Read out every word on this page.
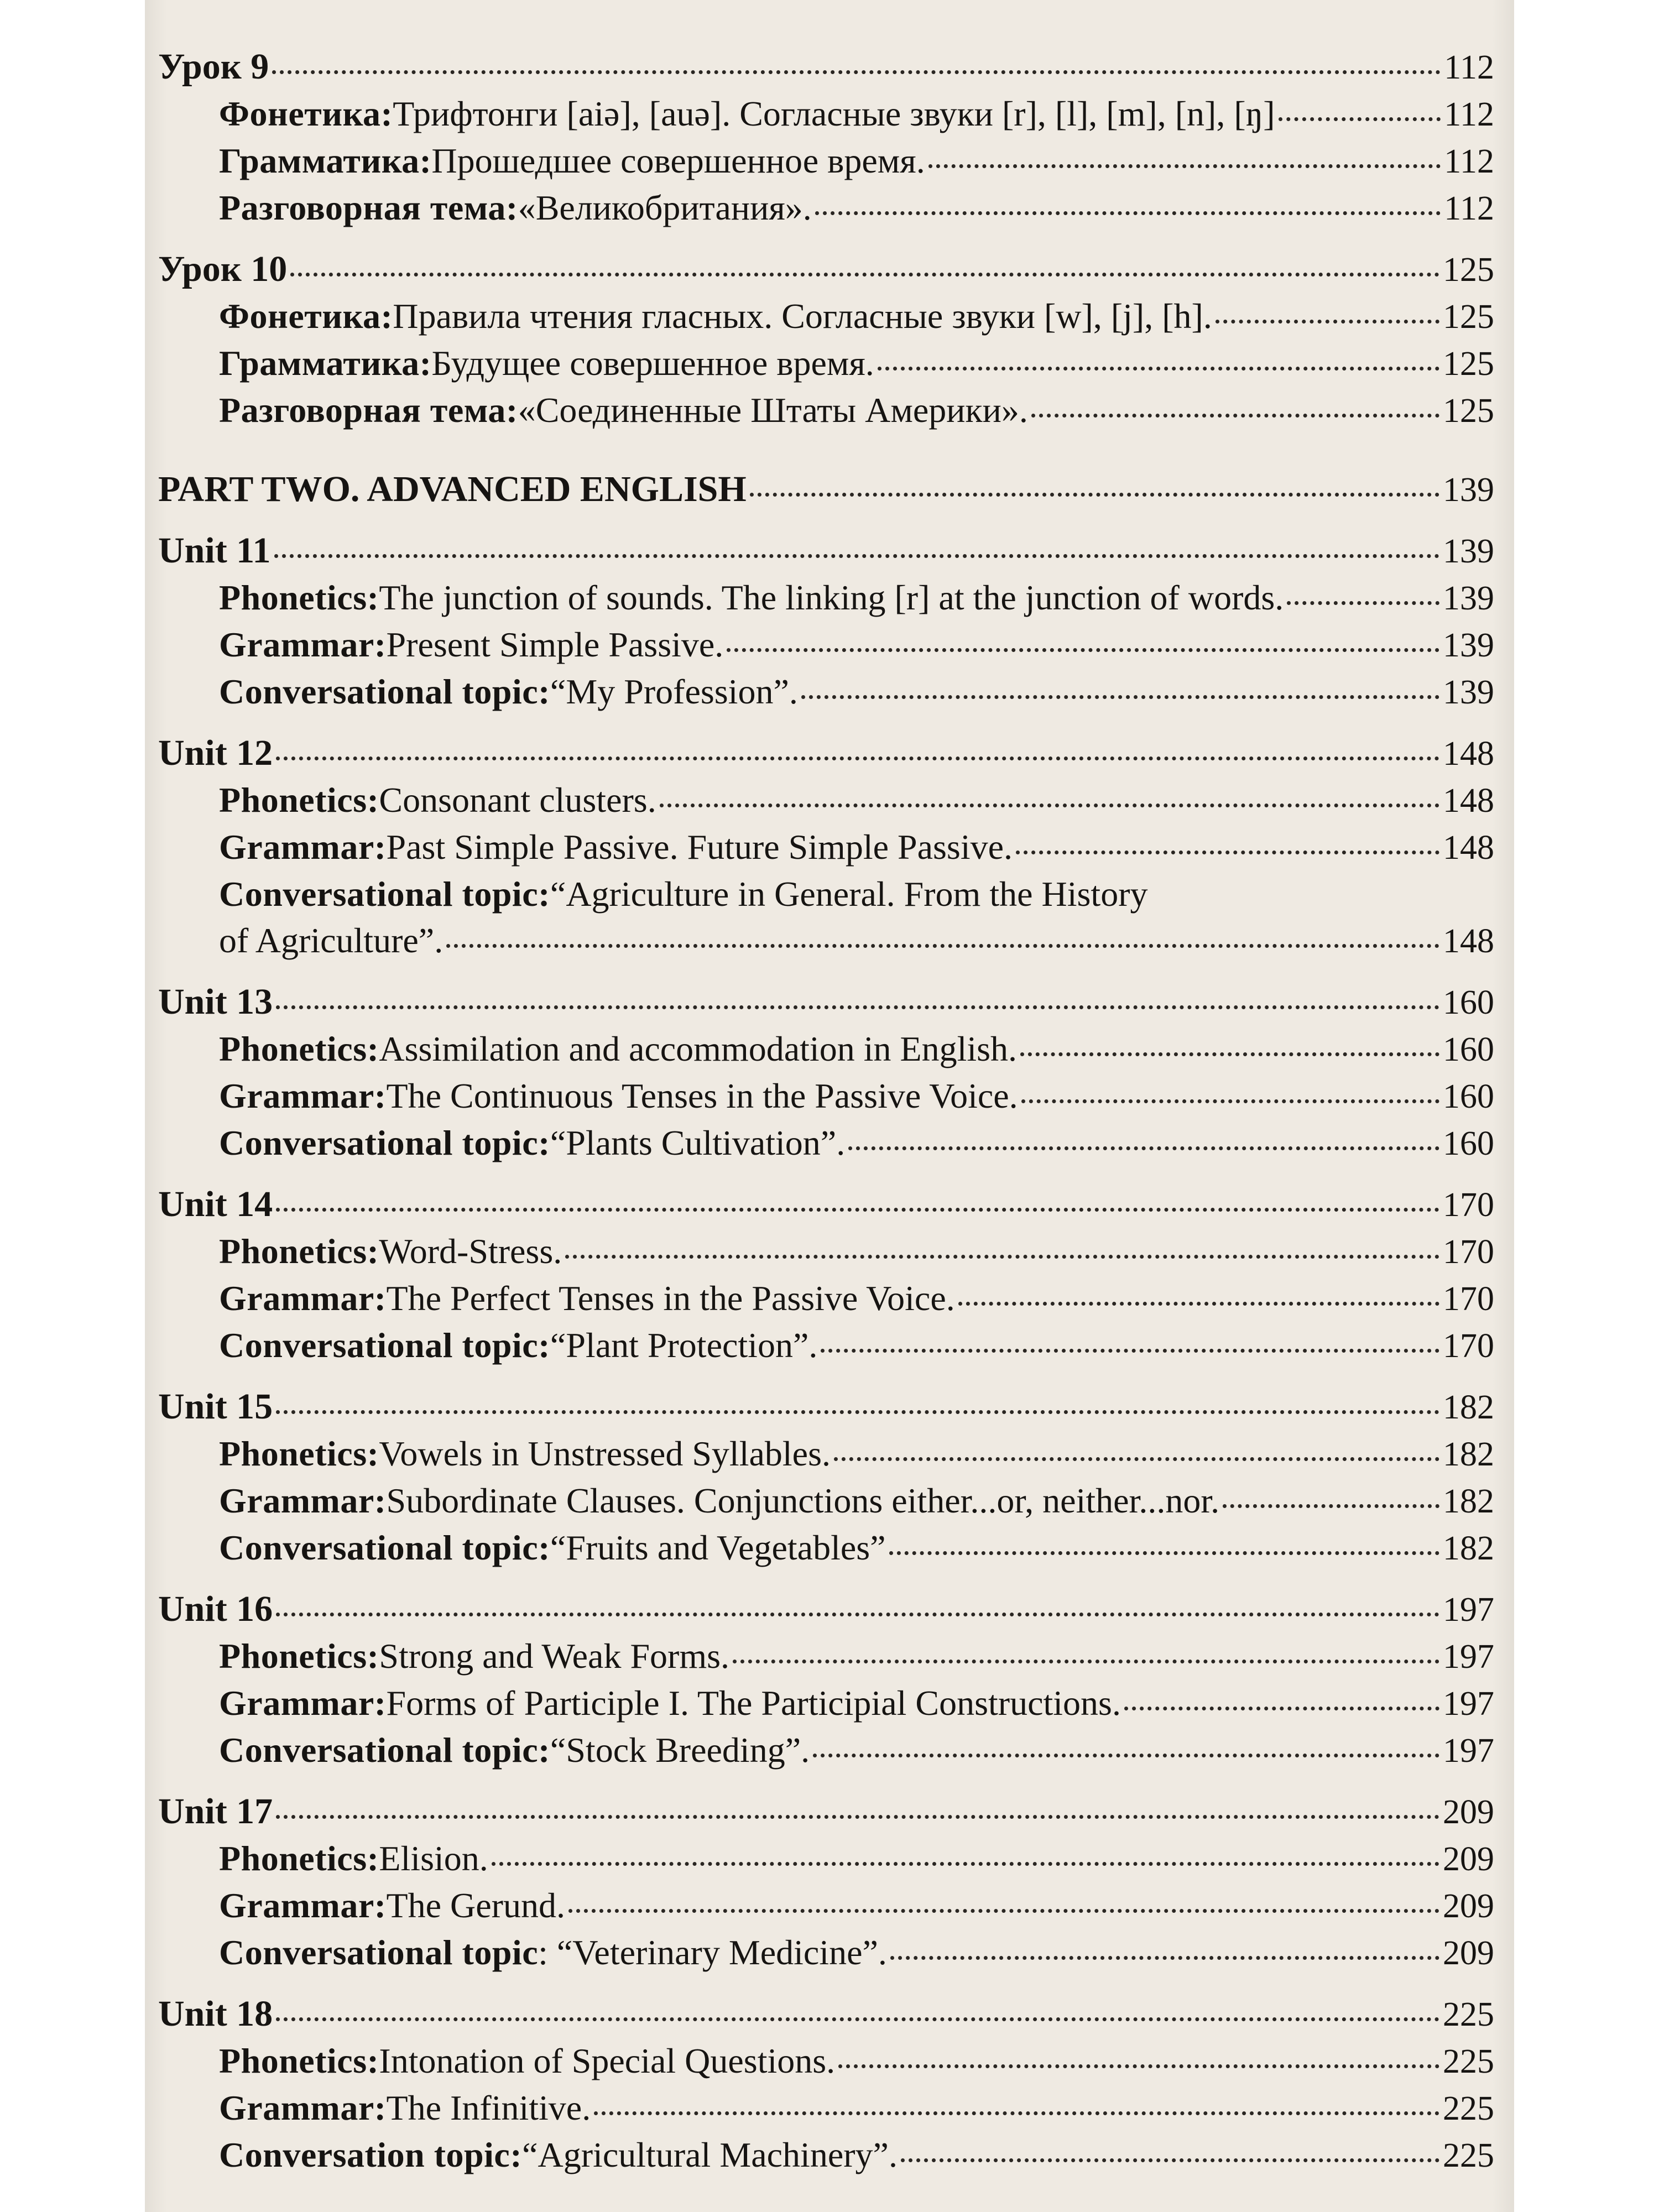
Урок 9	112
Фонетика: Трифтонги [aiə], [auə]. Согласные звуки [r], [l], [m], [n], [ŋ]	112
Грамматика: Прошедшее совершенное время.	112
Разговорная тема: «Великобритания».	112
Урок 10	125
Фонетика: Правила чтения гласных. Согласные звуки [w], [j], [h].	125
Грамматика: Будущее совершенное время.	125
Разговорная тема: «Соединенные Штаты Америки».	125
PART TWO. ADVANCED ENGLISH	139
Unit 11	139
Phonetics: The junction of sounds. The linking [r] at the junction of words.	139
Grammar: Present Simple Passive.	139
Conversational topic: “My Profession”.	139
Unit 12	148
Phonetics: Consonant clusters.	148
Grammar: Past Simple Passive. Future Simple Passive.	148
Conversational topic: “Agriculture in General. From the History
of Agriculture”.	148
Unit 13	160
Phonetics: Assimilation and accommodation in English.	160
Grammar: The Continuous Tenses in the Passive Voice.	160
Conversational topic: “Plants Cultivation”.	160
Unit 14	170
Phonetics: Word-Stress.	170
Grammar: The Perfect Tenses in the Passive Voice.	170
Conversational topic: “Plant Protection”.	170
Unit 15	182
Phonetics: Vowels in Unstressed Syllables.	182
Grammar: Subordinate Clauses. Conjunctions either...or, neither...nor.	182
Conversational topic: “Fruits and Vegetables”	182
Unit 16	197
Phonetics: Strong and Weak Forms.	197
Grammar: Forms of Participle I. The Participial Constructions.	197
Conversational topic: “Stock Breeding”.	197
Unit 17	209
Phonetics: Elision.	209
Grammar: The Gerund.	209
Conversational topic : “Veterinary Medicine”.	209
Unit 18	225
Phonetics: Intonation of Special Questions.	225
Grammar: The Infinitive.	225
Conversation topic: “Agricultural Machinery”.	225
